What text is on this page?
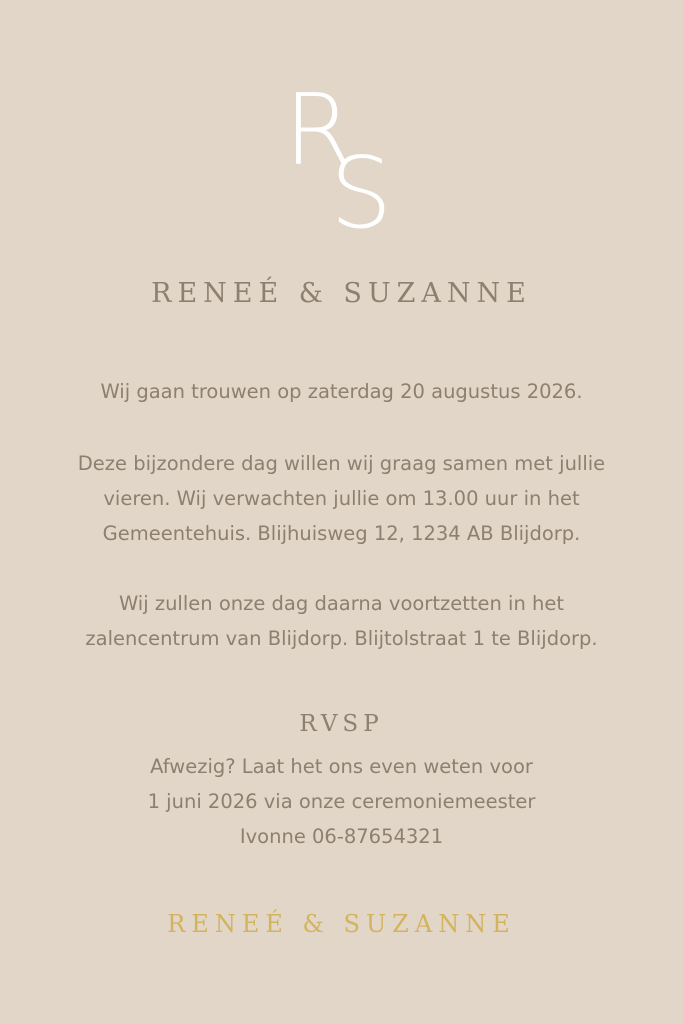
R
S
RENEÉ & SUZANNE

Wij gaan trouwen op zaterdag 20 augustus 2026.

Deze bijzondere dag willen wij graag samen met jullie
vieren. Wij verwachten jullie om 13.00 uur in het
Gemeentehuis. Blijhuisweg 12, 1234 AB Blijdorp.

Wij zullen onze dag daarna voortzetten in het
zalencentrum van Blijdorp. Blijtolstraat 1 te Blijdorp.

RVSP

Afwezig? Laat het ons even weten voor
1 juni 2026 via onze ceremoniemeester
Ivonne 06-87654321

RENEÉ & SUZANNE
